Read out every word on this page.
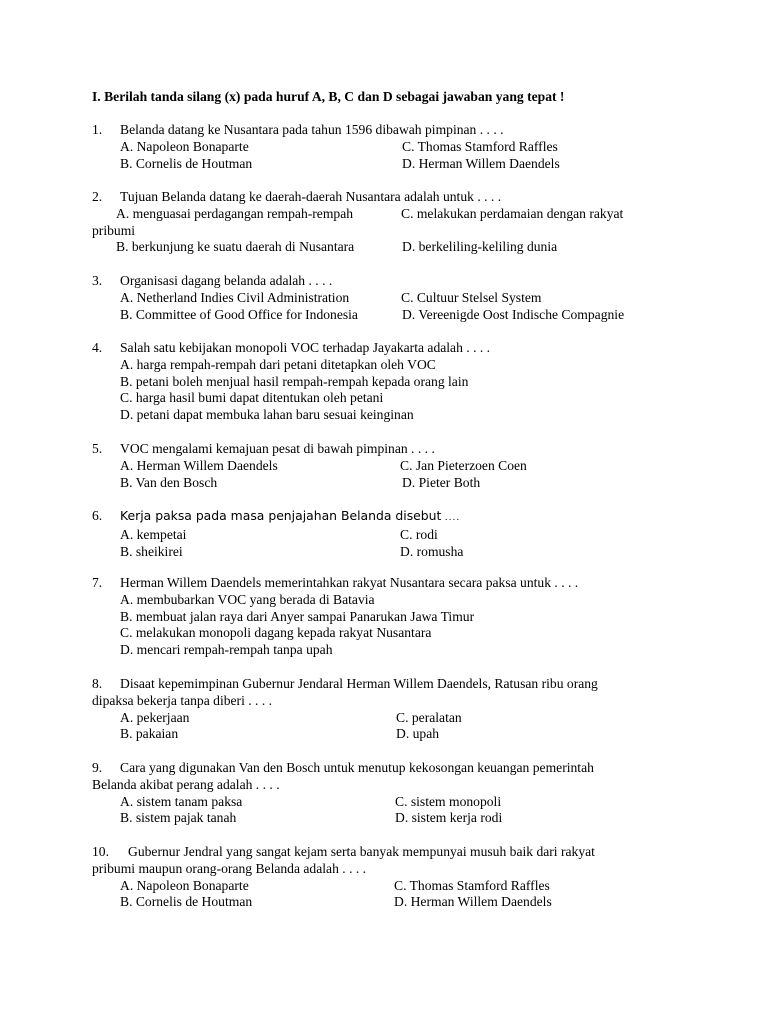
I. Berilah tanda silang (x) pada huruf A, B, C dan D sebagai jawaban yang tepat !
1. Belanda datang ke Nusantara pada tahun 1596 dibawah pimpinan . . . .
A. Napoleon Bonaparte	C. Thomas Stamford Raffles
B. Cornelis de Houtman	D. Herman Willem Daendels
2. Tujuan Belanda datang ke daerah-daerah Nusantara adalah untuk . . . .
A. menguasai perdagangan rempah-rempah	C. melakukan perdamaian dengan rakyat
pribumi
B. berkunjung ke suatu daerah di Nusantara	D. berkeliling-keliling dunia
3. Organisasi dagang belanda adalah . . . .
A. Netherland Indies Civil Administration	C. Cultuur Stelsel System
B. Committee of Good Office for Indonesia	D. Vereenigde Oost Indische Compagnie
4. Salah satu kebijakan monopoli VOC terhadap Jayakarta adalah . . . .
A. harga rempah-rempah dari petani ditetapkan oleh VOC
B. petani boleh menjual hasil rempah-rempah kepada orang lain
C. harga hasil bumi dapat ditentukan oleh petani
D. petani dapat membuka lahan baru sesuai keinginan
5. VOC mengalami kemajuan pesat di bawah pimpinan . . . .
A. Herman Willem Daendels	C. Jan Pieterzoen Coen
B. Van den Bosch	D. Pieter Both
6. Kerja paksa pada masa penjajahan Belanda disebut ....
A. kempetai	C. rodi
B. sheikirei	D. romusha
7. Herman Willem Daendels memerintahkan rakyat Nusantara secara paksa untuk . . . .
A. membubarkan VOC yang berada di Batavia
B. membuat jalan raya dari Anyer sampai Panarukan Jawa Timur
C. melakukan monopoli dagang kepada rakyat Nusantara
D. mencari rempah-rempah tanpa upah
8. Disaat kepemimpinan Gubernur Jendaral Herman Willem Daendels, Ratusan ribu orang
dipaksa bekerja tanpa diberi . . . .
A. pekerjaan	C. peralatan
B. pakaian	D. upah
9. Cara yang digunakan Van den Bosch untuk menutup kekosongan keuangan pemerintah
Belanda akibat perang adalah . . . .
A. sistem tanam paksa	C. sistem monopoli
B. sistem pajak tanah	D. sistem kerja rodi
10. Gubernur Jendral yang sangat kejam serta banyak mempunyai musuh baik dari rakyat
pribumi maupun orang-orang Belanda adalah . . . .
A. Napoleon Bonaparte	C. Thomas Stamford Raffles
B. Cornelis de Houtman	D. Herman Willem Daendels
